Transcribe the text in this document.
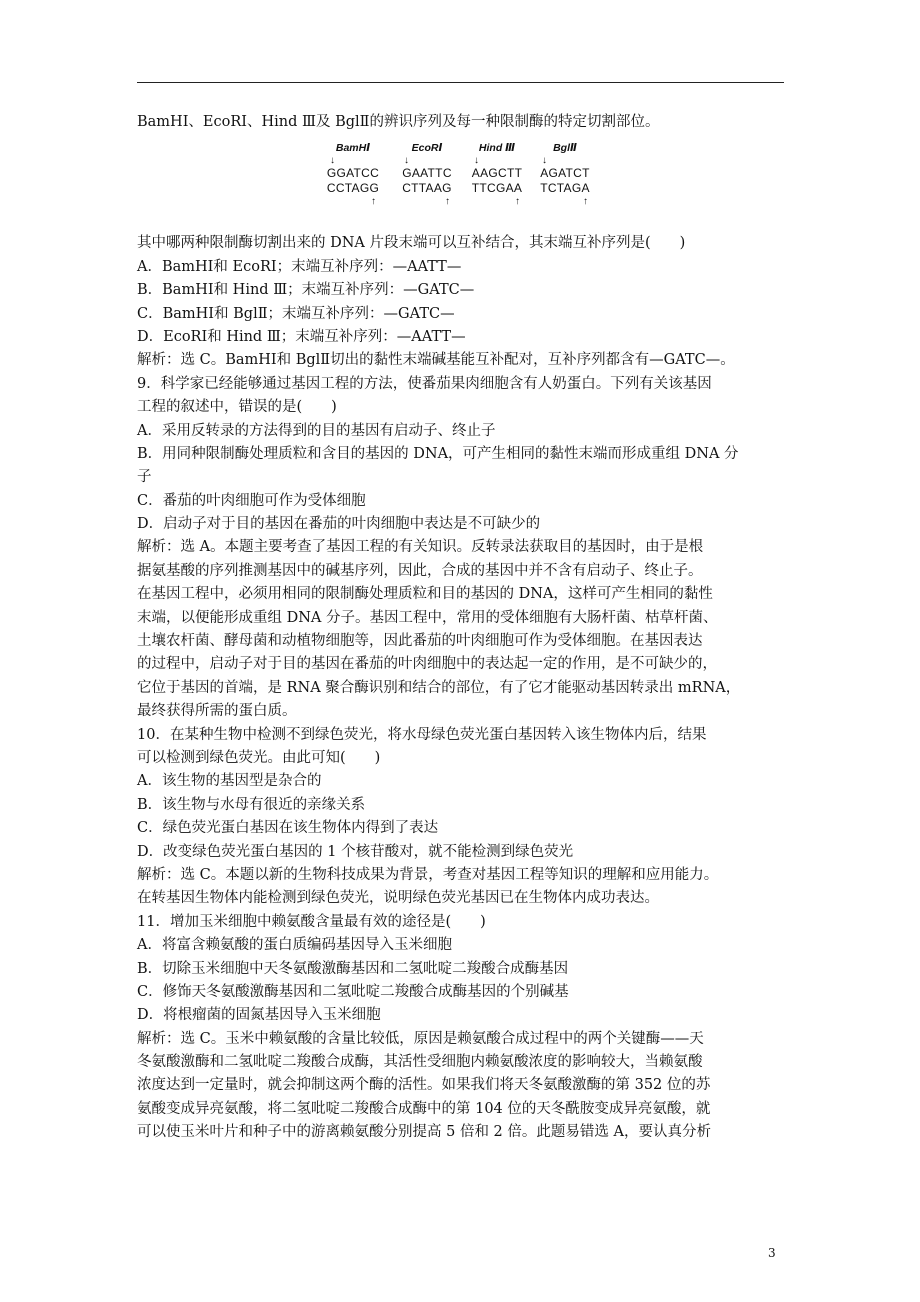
BamHⅠ、EcoRⅠ、Hind Ⅲ及 BglⅡ的辨识序列及每一种限制酶的特定切割部位。
BamHⅠ
↓
GGATCC
CCTAGG
↑
EcoRⅠ
↓
GAATTC
CTTAAG
↑
Hind Ⅲ
↓
AAGCTT
TTCGAA
↑
BglⅡ
↓
AGATCT
TCTAGA
↑
其中哪两种限制酶切割出来的 DNA 片段末端可以互补结合，其末端互补序列是(　　)
A．BamHⅠ和 EcoRⅠ；末端互补序列：—AATT—
B．BamHⅠ和 Hind Ⅲ；末端互补序列：—GATC—
C．BamHⅠ和 BglⅡ；末端互补序列：—GATC—
D．EcoRⅠ和 Hind Ⅲ；末端互补序列：—AATT—
解析：选 C。BamHⅠ和 BglⅡ切出的黏性末端碱基能互补配对，互补序列都含有—GATC—。
9．科学家已经能够通过基因工程的方法，使番茄果肉细胞含有人奶蛋白。下列有关该基因
工程的叙述中，错误的是(　　)
A．采用反转录的方法得到的目的基因有启动子、终止子
B．用同种限制酶处理质粒和含目的基因的 DNA，可产生相同的黏性末端而形成重组 DNA 分
子
C．番茄的叶肉细胞可作为受体细胞
D．启动子对于目的基因在番茄的叶肉细胞中表达是不可缺少的
解析：选 A。本题主要考查了基因工程的有关知识。反转录法获取目的基因时，由于是根
据氨基酸的序列推测基因中的碱基序列，因此，合成的基因中并不含有启动子、终止子。
在基因工程中，必须用相同的限制酶处理质粒和目的基因的 DNA，这样可产生相同的黏性
末端，以便能形成重组 DNA 分子。基因工程中，常用的受体细胞有大肠杆菌、枯草杆菌、
土壤农杆菌、酵母菌和动植物细胞等，因此番茄的叶肉细胞可作为受体细胞。在基因表达
的过程中，启动子对于目的基因在番茄的叶肉细胞中的表达起一定的作用，是不可缺少的，
它位于基因的首端，是 RNA 聚合酶识别和结合的部位，有了它才能驱动基因转录出 mRNA，
最终获得所需的蛋白质。
10．在某种生物中检测不到绿色荧光，将水母绿色荧光蛋白基因转入该生物体内后，结果
可以检测到绿色荧光。由此可知(　　)
A．该生物的基因型是杂合的
B．该生物与水母有很近的亲缘关系
C．绿色荧光蛋白基因在该生物体内得到了表达
D．改变绿色荧光蛋白基因的 1 个核苷酸对，就不能检测到绿色荧光
解析：选 C。本题以新的生物科技成果为背景，考查对基因工程等知识的理解和应用能力。
在转基因生物体内能检测到绿色荧光，说明绿色荧光基因已在生物体内成功表达。
11．增加玉米细胞中赖氨酸含量最有效的途径是(　　)
A．将富含赖氨酸的蛋白质编码基因导入玉米细胞
B．切除玉米细胞中天冬氨酸激酶基因和二氢吡啶二羧酸合成酶基因
C．修饰天冬氨酸激酶基因和二氢吡啶二羧酸合成酶基因的个别碱基
D．将根瘤菌的固氮基因导入玉米细胞
解析：选 C。玉米中赖氨酸的含量比较低，原因是赖氨酸合成过程中的两个关键酶——天
冬氨酸激酶和二氢吡啶二羧酸合成酶，其活性受细胞内赖氨酸浓度的影响较大，当赖氨酸
浓度达到一定量时，就会抑制这两个酶的活性。如果我们将天冬氨酸激酶的第 352 位的苏
氨酸变成异亮氨酸，将二氢吡啶二羧酸合成酶中的第 104 位的天冬酰胺变成异亮氨酸，就
可以使玉米叶片和种子中的游离赖氨酸分别提高 5 倍和 2 倍。此题易错选 A，要认真分析
3
